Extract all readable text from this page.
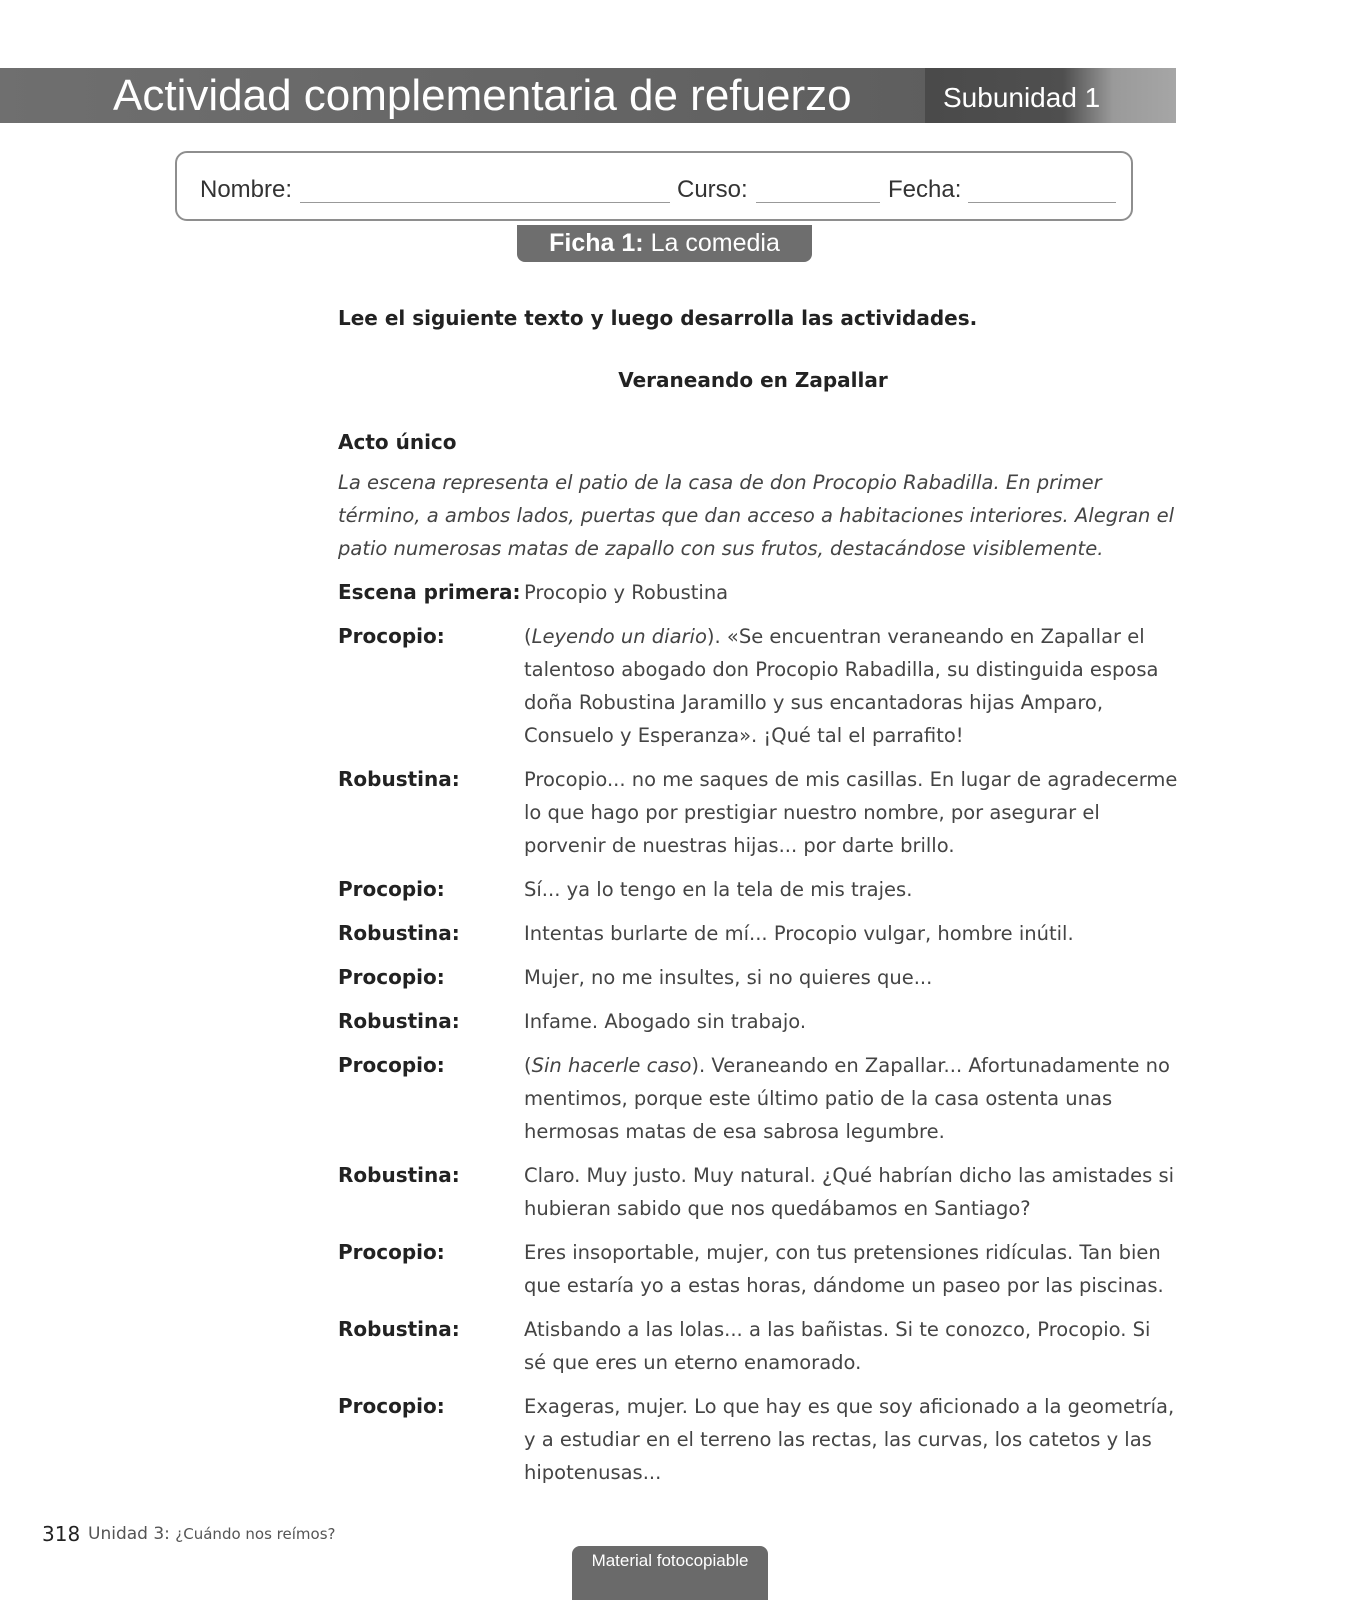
Actividad complementaria de refuerzo	Subunidad 1
Nombre:	Curso:	Fecha:
Ficha 1: La comedia
Lee el siguiente texto y luego desarrolla las actividades.
Veraneando en Zapallar
Acto único
La escena representa el patio de la casa de don Procopio Rabadilla. En primer término, a ambos lados, puertas que dan acceso a habitaciones interiores. Alegran el patio numerosas matas de zapallo con sus frutos, destacándose visiblemente.
Escena primera: Procopio y Robustina
Procopio:	(Leyendo un diario). «Se encuentran veraneando en Zapallar el talentoso abogado don Procopio Rabadilla, su distinguida esposa doña Robustina Jaramillo y sus encantadoras hijas Amparo, Consuelo y Esperanza». ¡Qué tal el parrafito!
Robustina:	Procopio... no me saques de mis casillas. En lugar de agradecerme lo que hago por prestigiar nuestro nombre, por asegurar el porvenir de nuestras hijas... por darte brillo.
Procopio:	Sí... ya lo tengo en la tela de mis trajes.
Robustina:	Intentas burlarte de mí... Procopio vulgar, hombre inútil.
Procopio:	Mujer, no me insultes, si no quieres que...
Robustina:	Infame. Abogado sin trabajo.
Procopio:	(Sin hacerle caso). Veraneando en Zapallar... Afortunadamente no mentimos, porque este último patio de la casa ostenta unas hermosas matas de esa sabrosa legumbre.
Robustina:	Claro. Muy justo. Muy natural. ¿Qué habrían dicho las amistades si hubieran sabido que nos quedábamos en Santiago?
Procopio:	Eres insoportable, mujer, con tus pretensiones ridículas. Tan bien que estaría yo a estas horas, dándome un paseo por las piscinas.
Robustina:	Atisbando a las lolas... a las bañistas. Si te conozco, Procopio. Si sé que eres un eterno enamorado.
Procopio:	Exageras, mujer. Lo que hay es que soy aficionado a la geometría, y a estudiar en el terreno las rectas, las curvas, los catetos y las hipotenusas...
318 Unidad 3: ¿Cuándo nos reímos?
Material fotocopiable
